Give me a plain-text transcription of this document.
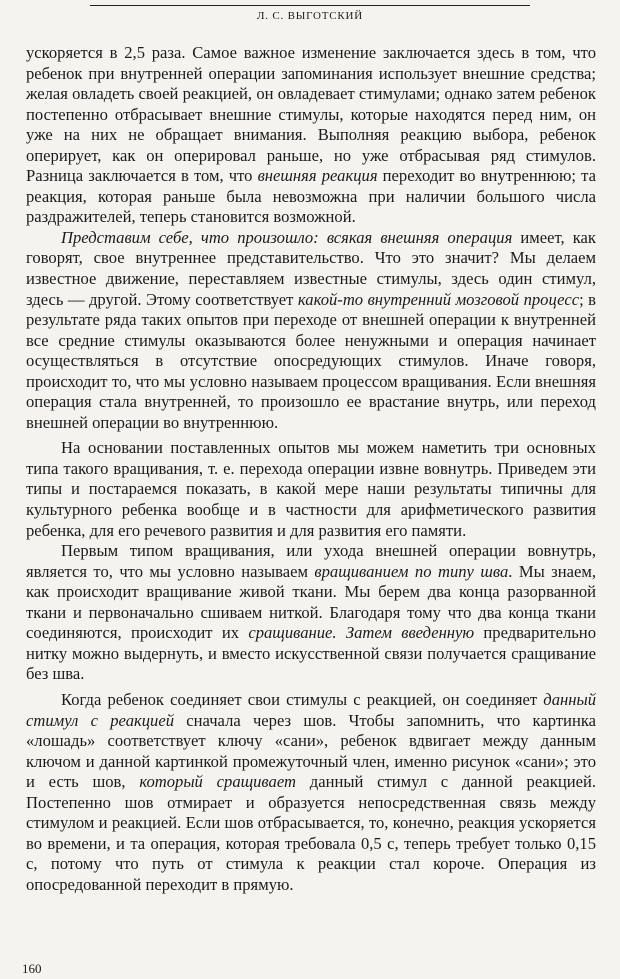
Л. С. ВЫГОТСКИЙ

ускоряется в 2,5 раза. Самое важное изменение заключается здесь в том, что ребенок при внутренней операции запоминания использует внешние средства; желая овладеть своей реакцией, он овладевает стимулами; однако затем ребенок постепенно отбрасывает внешние стимулы, которые находятся перед ним, он уже на них не обращает внимания. Выполняя реакцию выбора, ребенок оперирует, как он оперировал раньше, но уже отбрасывая ряд стимулов. Разница заключается в том, что внешняя реакция переходит во внутреннюю; та реакция, которая раньше была невозможна при наличии большого числа раздражителей, теперь становится возможной.

Представим себе, что произошло: всякая внешняя операция имеет, как говорят, свое внутреннее представительство. Что это значит? Мы делаем известное движение, переставляем известные стимулы, здесь один стимул, здесь — другой. Этому соответствует какой-то внутренний мозговой процесс; в результате ряда таких опытов при переходе от внешней операции к внутренней все средние стимулы оказываются более ненужными и операция начинает осуществляться в отсутствие опосредующих стимулов. Иначе говоря, происходит то, что мы условно называем процессом вращивания. Если внешняя операция стала внутренней, то произошло ее врастание внутрь, или переход внешней операции во внутреннюю.

На основании поставленных опытов мы можем наметить три основных типа такого вращивания, т. е. перехода операции извне вовнутрь. Приведем эти типы и постараемся показать, в какой мере наши результаты типичны для культурного ребенка вообще и в частности для арифметического развития ребенка, для его речевого развития и для развития его памяти.

Первым типом вращивания, или ухода внешней операции вовнутрь, является то, что мы условно называем вращиванием по типу шва. Мы знаем, как происходит вращивание живой ткани. Мы берем два конца разорванной ткани и первоначально сшиваем ниткой. Благодаря тому что два конца ткани соединяются, происходит их сращивание. Затем введенную предварительно нитку можно выдернуть, и вместо искусственной связи получается сращивание без шва.

Когда ребенок соединяет свои стимулы с реакцией, он соединяет данный стимул с реакцией сначала через шов. Чтобы запомнить, что картинка «лошадь» соответствует ключу «сани», ребенок вдвигает между данным ключом и данной картинкой промежуточный член, именно рисунок «сани»; это и есть шов, который сращивает данный стимул с данной реакцией. Постепенно шов отмирает и образуется непосредственная связь между стимулом и реакцией. Если шов отбрасывается, то, конечно, реакция ускоряется во времени, и та операция, которая требовала 0,5 с, теперь требует только 0,15 с, потому что путь от стимула к реакции стал короче. Операция из опосредованной переходит в прямую.

160
